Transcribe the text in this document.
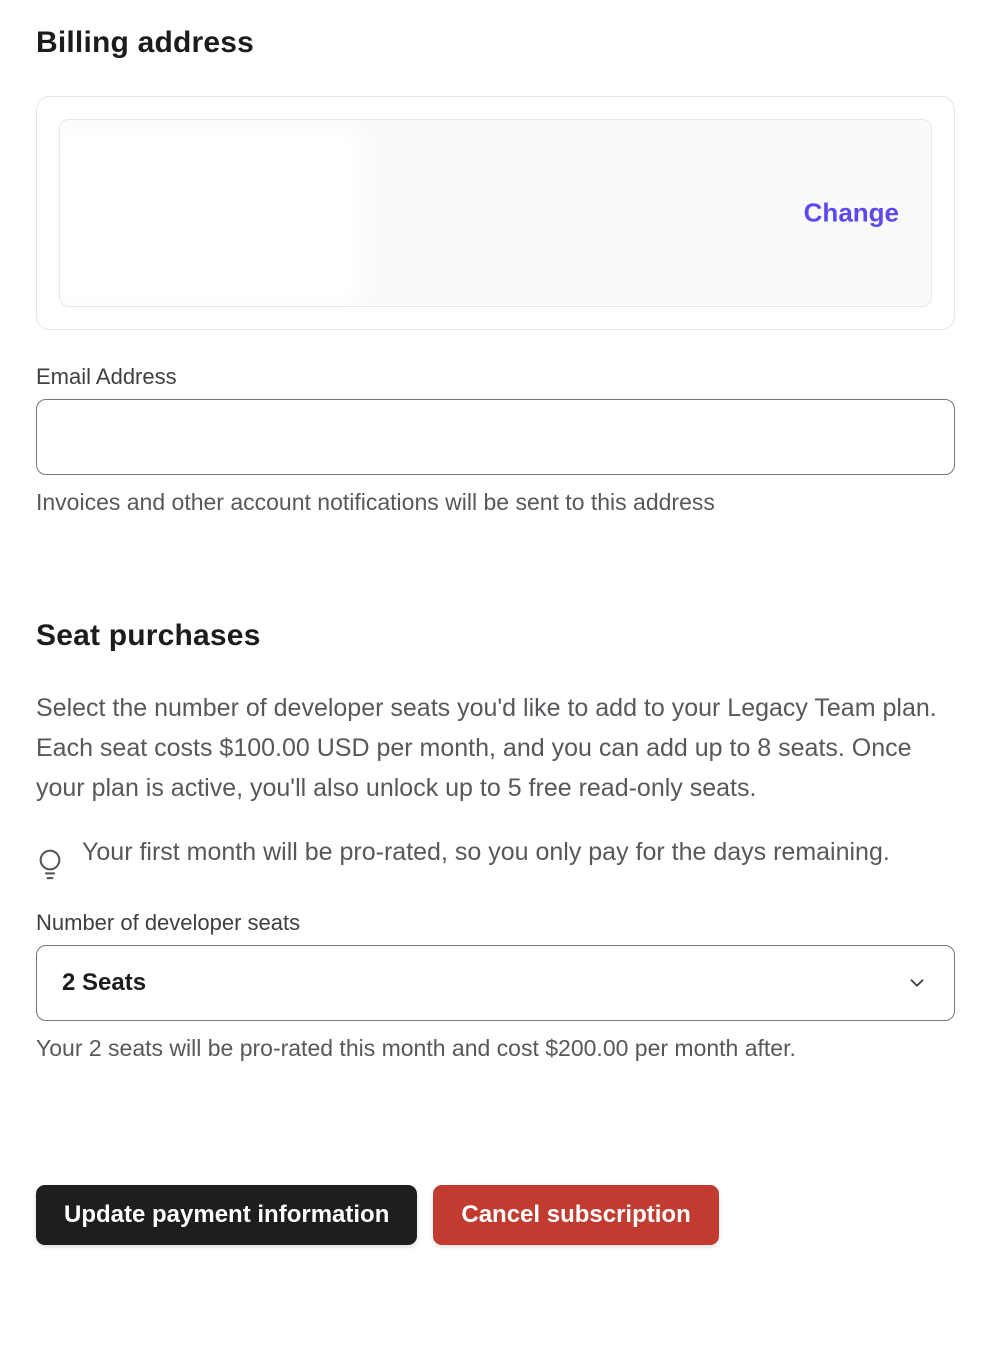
Billing address
Change
Email Address
Invoices and other account notifications will be sent to this address
Seat purchases

Select the number of developer seats you'd like to add to your Legacy Team plan. Each seat costs $100.00 USD per month, and you can add up to 8 seats. Once your plan is active, you'll also unlock up to 5 free read-only seats.

Your first month will be pro-rated, so you only pay for the days remaining.

Number of developer seats
2 Seats
Your 2 seats will be pro-rated this month and cost $200.00 per month after.
Update payment information	Cancel subscription
